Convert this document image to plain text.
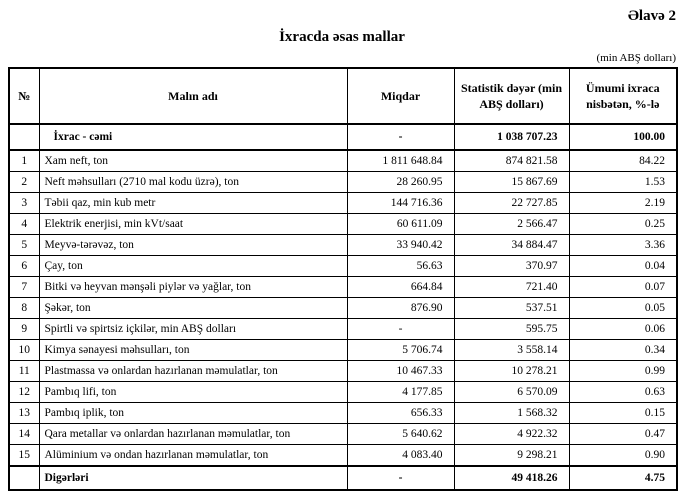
Əlavə 2
İxracda əsas mallar
(min ABŞ dolları)
№	Malın adı	Miqdar	Statistik dəyər (min ABŞ dolları)	Ümumi ixraca nisbətən, %-lə
	İxrac - cəmi	-	1 038 707.23	100.00
1	Xam neft, ton	1 811 648.84	874 821.58	84.22
2	Neft məhsulları (2710 mal kodu üzrə), ton	28 260.95	15 867.69	1.53
3	Təbii qaz, min kub metr	144 716.36	22 727.85	2.19
4	Elektrik enerjisi, min kVt/saat	60 611.09	2 566.47	0.25
5	Meyvə-tərəvəz, ton	33 940.42	34 884.47	3.36
6	Çay, ton	56.63	370.97	0.04
7	Bitki və heyvan mənşəli piylər və yağlar, ton	664.84	721.40	0.07
8	Şəkər, ton	876.90	537.51	0.05
9	Spirtli və spirtsiz içkilər, min ABŞ dolları	-	595.75	0.06
10	Kimya sənayesi məhsulları, ton	5 706.74	3 558.14	0.34
11	Plastmassa və onlardan hazırlanan məmulatlar, ton	10 467.33	10 278.21	0.99
12	Pambıq lifi, ton	4 177.85	6 570.09	0.63
13	Pambıq iplik, ton	656.33	1 568.32	0.15
14	Qara metallar və onlardan hazırlanan məmulatlar, ton	5 640.62	4 922.32	0.47
15	Alüminium və ondan hazırlanan məmulatlar, ton	4 083.40	9 298.21	0.90
	Digərləri	-	49 418.26	4.75
